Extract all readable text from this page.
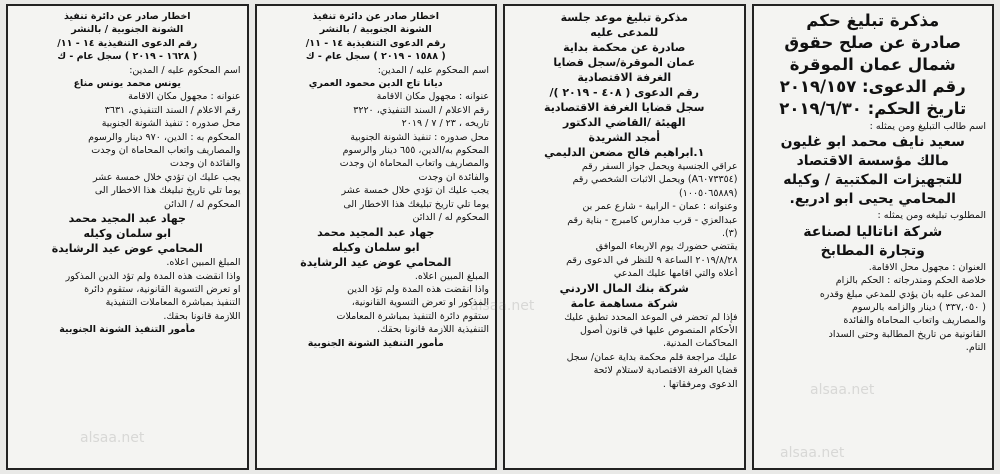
مذكرة تبليغ حكم
صادرة عن صلح حقوق
شمال عمان الموقرة
رقم الدعوى: ٢٠١٩/١٥٧
تاريخ الحكم: ٢٠١٩/٦/٣٠
اسم طالب التبليغ ومن يمثله :
سعيد نايف محمد ابو غليون
مالك مؤسسة الاقتصاد
للتجهيزات المكتبية / وكيله
المحامي يحيى ابو ادريع.
المطلوب تبليغه ومن يمثله :
شركة اناتاليا لصناعة
وتجارة المطابخ
العنوان : مجهول محل الاقامة.
خلاصة الحكم ومندرجاته : الحكم بالزام
المدعى عليه بان يؤدي للمدعي مبلغ وقدره
( ٣٣٧,٠٥٠ ) دينار والزامه بالرسوم
والمصاريف واتعاب المحاماة والفائدة
القانونية من تاريخ المطالبة وحتى السداد
التام.
مذكرة تبليغ موعد جلسة
للمدعى عليه
صادرة عن محكمة بداية
عمان الموقرة/سجل قضايا
الغرفة الاقتصادية
رقم الدعوى ( ٤٠٨ - ٢٠١٩ )/
سجل قضايا الغرفة الاقتصادية
الهيئة /القاضي الدكتور
أمجد الشريدة
١.ابراهيم فالح مضعن الدليمي
عراقي الجنسية ويحمل جواز السفر رقم
(A٦٠٧٣٣٥٤) ويحمل الاثبات الشخصي رقم
(١٠٠٥٠٦٥٨٨٩)
وعنوانه : عمان - الرابية - شارع عمر بن
عبدالعزي - قرب مدارس كامبرج - بناية رقم
(٣).
يقتضي حضورك يوم الاربعاء الموافق
٢٠١٩/٨/٢٨ الساعة ٩ للنظر في الدعوى رقم
أعلاه والتي اقامها عليك المدعي
شركة بنك المال الاردني
شركة مساهمة عامة
فإذا لم تحضر في الموعد المحدد تطبق عليك
الأحكام المنصوص عليها في قانون أصول
المحاكمات المدنية.
عليك مراجعة قلم محكمة بداية عمان/ سجل
قضايا الغرفة الاقتصادية لاستلام لائحة
الدعوى ومرفقاتها .
اخطار صادر عن دائرة تنفيذ
الشونة الجنوبية / بالنشر
رقم الدعوى التنفيذية ١٤ - ١١/
( ١٥٨٨ - ٢٠١٩ ) سجل عام - ك
اسم المحكوم عليه / المدين:
ديانا تاج الدين محمود العمري
عنوانه : مجهول مكان الاقامة
رقم الاعلام / السند التنفيذي، ٣٢٢٠
تاريخه ، ٢٣ / ٧ / ٢٠١٩
محل صدوره : تنفيذ الشونة الجنوبية
المحكوم به/الدين، ٦٥٥ دينار والرسوم
والمصاريف واتعاب المحاماة ان وجدت
والفائدة ان وجدت
يجب عليك ان تؤدي خلال خمسة عشر
يوما تلي تاريخ تبليغك هذا الاخطار الى
المحكوم له / الدائن
جهاد عبد المجيد محمد
ابو سلمان وكيله
المحامي عوض عيد الرشايدة
المبلغ المبين اعلاه.
واذا انقضت هذه المدة ولم تؤد الدين
المذكور او تعرض التسوية القانونية،
ستقوم دائرة التنفيذ بمباشرة المعاملات
التنفيذية اللازمة قانونا بحقك.
مأمور التنفيذ الشونة الجنوبية
اخطار صادر عن دائرة تنفيذ
الشونة الجنوبية / بالنشر
رقم الدعوى التنفيذية ١٤ - ١١/
( ١٦٢٨ - ٢٠١٩ ) سجل عام - ك
اسم المحكوم عليه / المدين:
يونس محمد يونس مناع
عنوانه : مجهول مكان الاقامة
رقم الاعلام / السند التنفيذي، ٣٦٣١
محل صدوره : تنفيذ الشونة الجنوبية
المحكوم به : الدين، ٩٧٠ دينار والرسوم
والمصاريف واتعاب المحاماة ان وجدت
والفائدة ان وجدت
يجب عليك ان تؤدي خلال خمسة عشر
يوما تلي تاريخ تبليغك هذا الاخطار الى
المحكوم له / الدائن
جهاد عبد المجيد محمد
ابو سلمان وكيله
المحامي عوض عيد الرشايدة
المبلغ المبين اعلاه.
واذا انقضت هذه المدة ولم تؤد الدين المذكور
او تعرض التسوية القانونية، ستقوم دائرة
التنفيذ بمباشرة المعاملات التنفيذية
اللازمة قانونا بحقك.
مأمور التنفيذ الشونة الجنوبية
